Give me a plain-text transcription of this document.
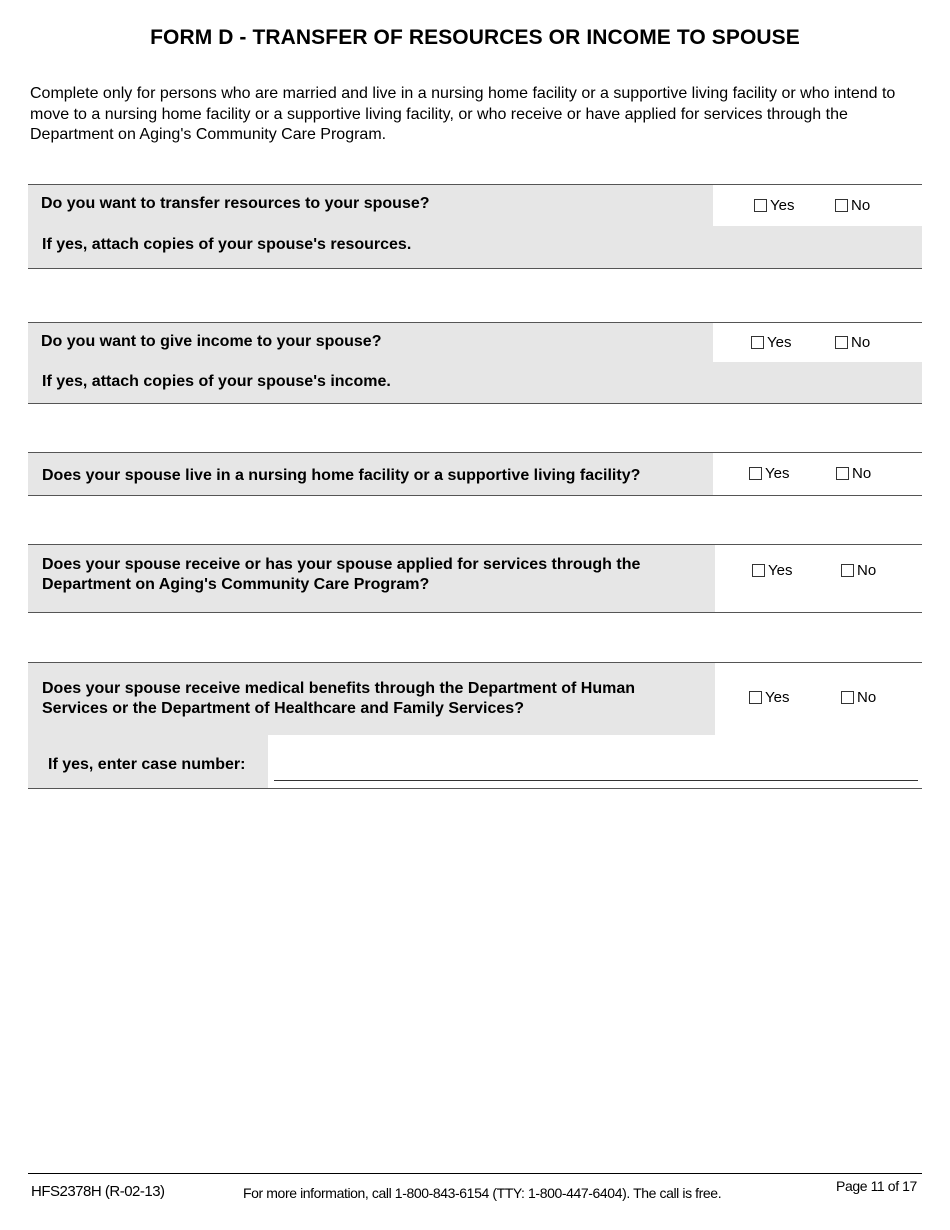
FORM D - TRANSFER OF RESOURCES OR INCOME TO SPOUSE
Complete only for persons who are married and live in a nursing home facility or a supportive living facility or who intend to move to a nursing home facility or a supportive living facility, or who receive or have applied for services through the Department on Aging's Community Care Program.
Do you want to transfer resources to your spouse?	Yes	No
If yes, attach copies of your spouse's resources.
Do you want to give income to your spouse?	Yes	No
If yes, attach copies of your spouse's income.
Does your spouse live in a nursing home facility or a supportive living facility?	Yes	No
Does your spouse receive or has your spouse applied for services through the Department on Aging's Community Care Program?
Yes	No
Does your spouse receive medical benefits through the Department of Human Services or the Department of Healthcare and Family Services?
Yes	No
If yes, enter case number:
HFS2378H (R-02-13)	For more information, call 1-800-843-6154 (TTY: 1-800-447-6404). The call is free.	Page 11 of 17
